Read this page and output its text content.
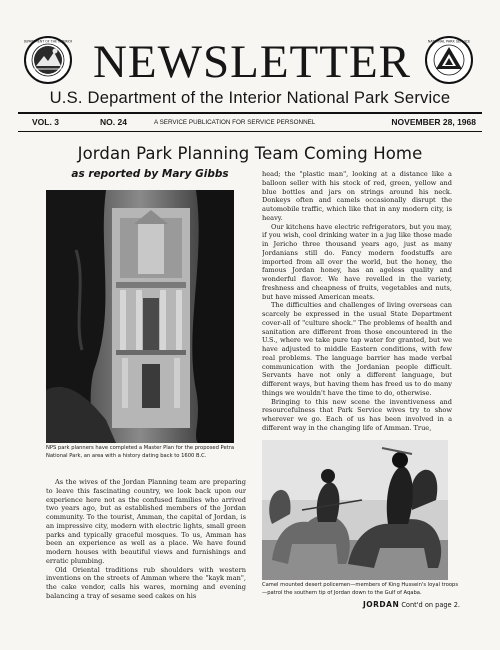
DEPARTMENT OF THE INTERIOR NEWSLETTER	NATIONAL PARK SERVICE
U.S. Department of the Interior National Park Service
VOL. 3	NO. 24	A SERVICE PUBLICATION FOR SERVICE PERSONNEL	NOVEMBER 28, 1968
Jordan Park Planning Team Coming Home
as reported by Mary Gibbs
NPS park planners have completed a Master Plan for the proposed Petra National Park, an area with a history dating back to 1600 B.C.

As the wives of the Jordan Planning team are preparing to leave this fascinating country, we look back upon our experience here not as the confused families who arrived two years ago, but as established members of the Jordan community. To the tourist, Amman, the capital of Jordan, is an impressive city, modern with electric lights, small green parks and typically graceful mosques. To us, Amman has been an experience as well as a place. We have found modern houses with beautiful views and furnishings and erratic plumbing.

Old Oriental traditions rub shoulders with western inventions on the streets of Amman where the "kayk man", the cake vendor, calls his wares, morning and evening balancing a tray of sesame seed cakes on his

head; the "plastic man", looking at a distance like a balloon seller with his stock of red, green, yellow and blue bottles and jars on strings around his neck. Donkeys often and camels occasionally disrupt the automobile traffic, which like that in any modern city, is heavy.

Our kitchens have electric refrigerators, but you may, if you wish, cool drinking water in a jug like those made in Jericho three thousand years ago, just as many Jordanians still do. Fancy modern foodstuffs are imported from all over the world, but the honey, the famous Jordan honey, has an ageless quality and wonderful flavor. We have revelled in the variety, freshness and cheapness of fruits, vegetables and nuts, but have missed American meats.

The difficulties and challenges of living overseas can scarcely be expressed in the usual State Department cover-all of "culture shock." The problems of health and sanitation are different from those encountered in the U.S., where we take pure tap water for granted, but we have adjusted to middle Eastern conditions, with few real problems. The language barrier has made verbal communication with the Jordanian people difficult. Servants have not only a different language, but different ways, but having them has freed us to do many things we wouldn't have the time to do, otherwise.

Bringing to this new scene the inventiveness and resourcefulness that Park Service wives try to show wherever we go. Each of us has been involved in a different way in the changing life of Amman. True,

Camel mounted desert policemen—members of King Hussein's loyal troops—patrol the southern tip of Jordan down to the Gulf of Aqaba.
JORDAN Cont'd on page 2.
